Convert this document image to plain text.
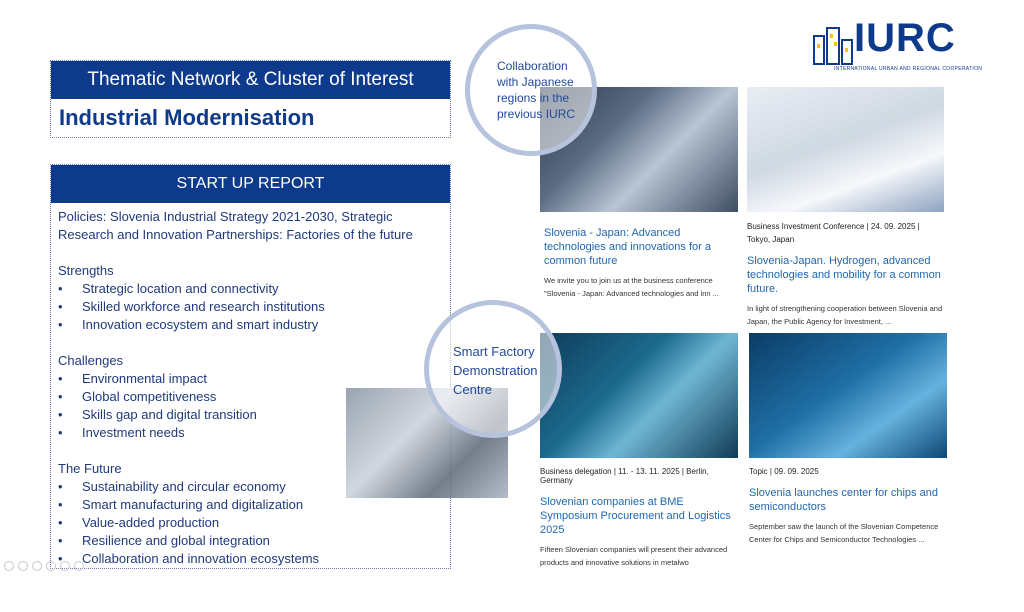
IURC
INTERNATIONAL URBAN AND REGIONAL COOPERATION
Thematic Network & Cluster of Interest
Industrial Modernisation
START UP REPORT

Policies: Slovenia Industrial Strategy 2021-2030, Strategic Research and Innovation Partnerships: Factories of the future

Strengths

• Strategic location and connectivity

• Skilled workforce and research institutions

• Innovation ecosystem and smart industry

Challenges

• Environmental impact

• Global competitiveness

• Skills gap and digital transition

• Investment needs

The Future

• Sustainability and circular economy

• Smart manufacturing and digitalization

• Value-added production

• Resilience and global integration

• Collaboration and innovation ecosystems

Slovenia - Japan: Advanced technologies and innovations for a common future
We invite you to join us at the business conference "Slovenia - Japan: Advanced technologies and inn ...
Business Investment Conference | 24. 09. 2025 | Tokyo, Japan
Slovenia-Japan. Hydrogen, advanced technologies and mobility for a common future.
In light of strengthening cooperation between Slovenia and Japan, the Public Agency for Investment, ...
Business delegation | 11. - 13. 11. 2025 | Berlin, Germany
Slovenian companies at BME Symposium Procurement and Logistics 2025
Fifteen Slovenian companies will present their advanced products and innovative solutions in metalwo
Topic | 09. 09. 2025
Slovenia launches center for chips and semiconductors
September saw the launch of the Slovenian Competence Center for Chips and Semiconductor Technologies ...
Collaboration with Japanese regions in the previous IURC
Smart Factory Demonstration Centre
